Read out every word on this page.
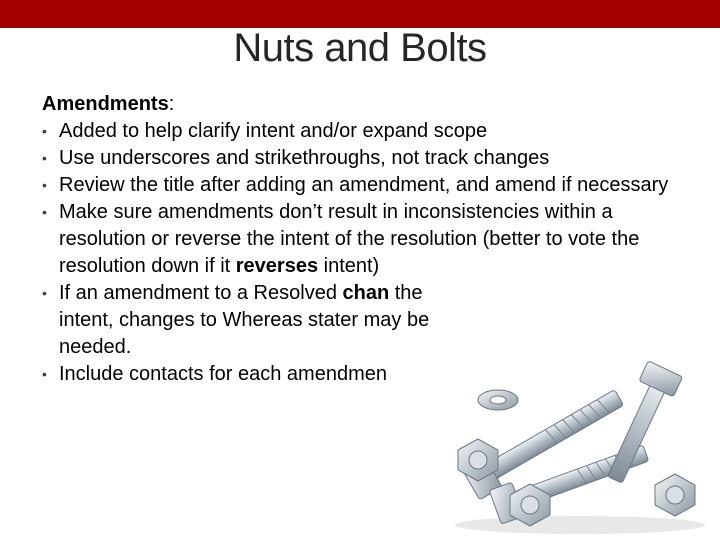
Nuts and Bolts

Amendments:

• Added to help clarify intent and/or expand scope
• Use underscores and strikethroughs, not track changes
• Review the title after adding an amendment, and amend if necessary
• Make sure amendments don’t result in inconsistencies within a resolution or reverse the intent of the resolution (better to vote the resolution down if it reverses intent)
• If an amendment to a Resolved chan the intent, changes to Whereas stater may be needed.
• Include contacts for each amendmen
